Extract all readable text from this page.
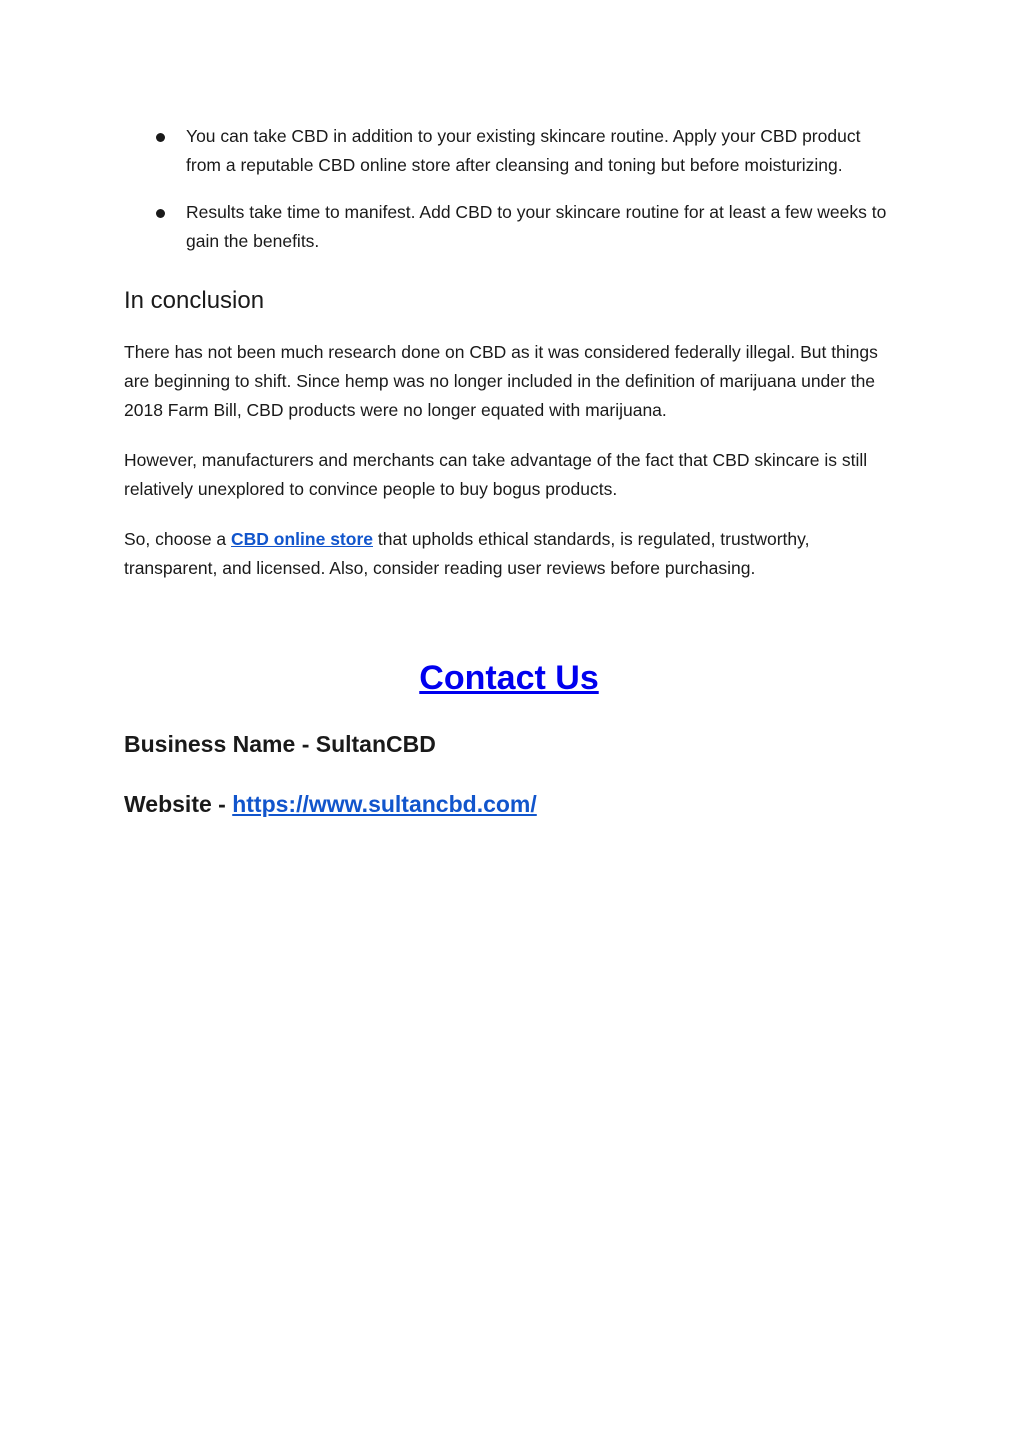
You can take CBD in addition to your existing skincare routine. Apply your CBD product from a reputable CBD online store after cleansing and toning but before moisturizing.
Results take time to manifest. Add CBD to your skincare routine for at least a few weeks to gain the benefits.
In conclusion

There has not been much research done on CBD as it was considered federally illegal. But things are beginning to shift. Since hemp was no longer included in the definition of marijuana under the 2018 Farm Bill, CBD products were no longer equated with marijuana.

However, manufacturers and merchants can take advantage of the fact that CBD skincare is still relatively unexplored to convince people to buy bogus products.

So, choose a CBD online store that upholds ethical standards, is regulated, trustworthy, transparent, and licensed. Also, consider reading user reviews before purchasing.

Contact Us

Business Name - SultanCBD

Website - https://www.sultancbd.com/
